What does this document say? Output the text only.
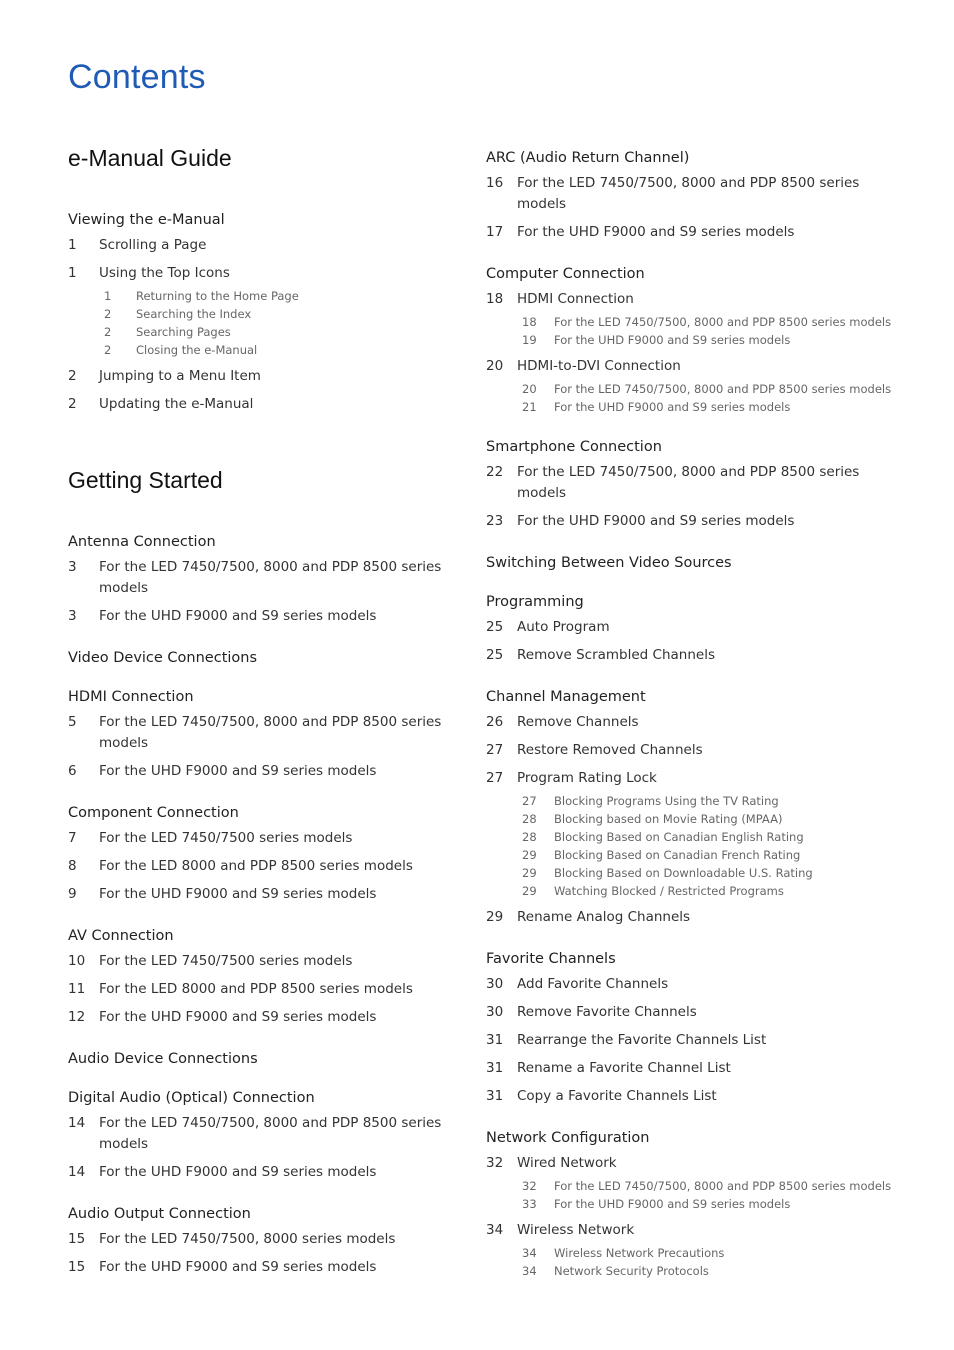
Contents
e-Manual Guide
Viewing the e-Manual
1	Scrolling a Page
1	Using the Top Icons
1	Returning to the Home Page
2	Searching the Index
2	Searching Pages
2	Closing the e-Manual
2	Jumping to a Menu Item
2	Updating the e-Manual
Getting Started
Antenna Connection
3	For the LED 7450/7500, 8000 and PDP 8500 series models
3	For the UHD F9000 and S9 series models
Video Device Connections
HDMI Connection
5	For the LED 7450/7500, 8000 and PDP 8500 series models
6	For the UHD F9000 and S9 series models
Component Connection
7	For the LED 7450/7500 series models
8	For the LED 8000 and PDP 8500 series models
9	For the UHD F9000 and S9 series models
AV Connection
10	For the LED 7450/7500 series models
11	For the LED 8000 and PDP 8500 series models
12	For the UHD F9000 and S9 series models
Audio Device Connections
Digital Audio (Optical) Connection
14	For the LED 7450/7500, 8000 and PDP 8500 series models
14	For the UHD F9000 and S9 series models
Audio Output Connection
15	For the LED 7450/7500, 8000 series models
15	For the UHD F9000 and S9 series models
ARC (Audio Return Channel)
16	For the LED 7450/7500, 8000 and PDP 8500 series models
17	For the UHD F9000 and S9 series models
Computer Connection
18	HDMI Connection
18	For the LED 7450/7500, 8000 and PDP 8500 series models
19	For the UHD F9000 and S9 series models
20	HDMI-to-DVI Connection
20	For the LED 7450/7500, 8000 and PDP 8500 series models
21	For the UHD F9000 and S9 series models
Smartphone Connection
22	For the LED 7450/7500, 8000 and PDP 8500 series models
23	For the UHD F9000 and S9 series models
Switching Between Video Sources
Programming
25	Auto Program
25	Remove Scrambled Channels
Channel Management
26	Remove Channels
27	Restore Removed Channels
27	Program Rating Lock
27	Blocking Programs Using the TV Rating
28	Blocking based on Movie Rating (MPAA)
28	Blocking Based on Canadian English Rating
29	Blocking Based on Canadian French Rating
29	Blocking Based on Downloadable U.S. Rating
29	Watching Blocked / Restricted Programs
29	Rename Analog Channels
Favorite Channels
30	Add Favorite Channels
30	Remove Favorite Channels
31	Rearrange the Favorite Channels List
31	Rename a Favorite Channel List
31	Copy a Favorite Channels List
Network Configuration
32	Wired Network
32	For the LED 7450/7500, 8000 and PDP 8500 series models
33	For the UHD F9000 and S9 series models
34	Wireless Network
34	Wireless Network Precautions
34	Network Security Protocols
